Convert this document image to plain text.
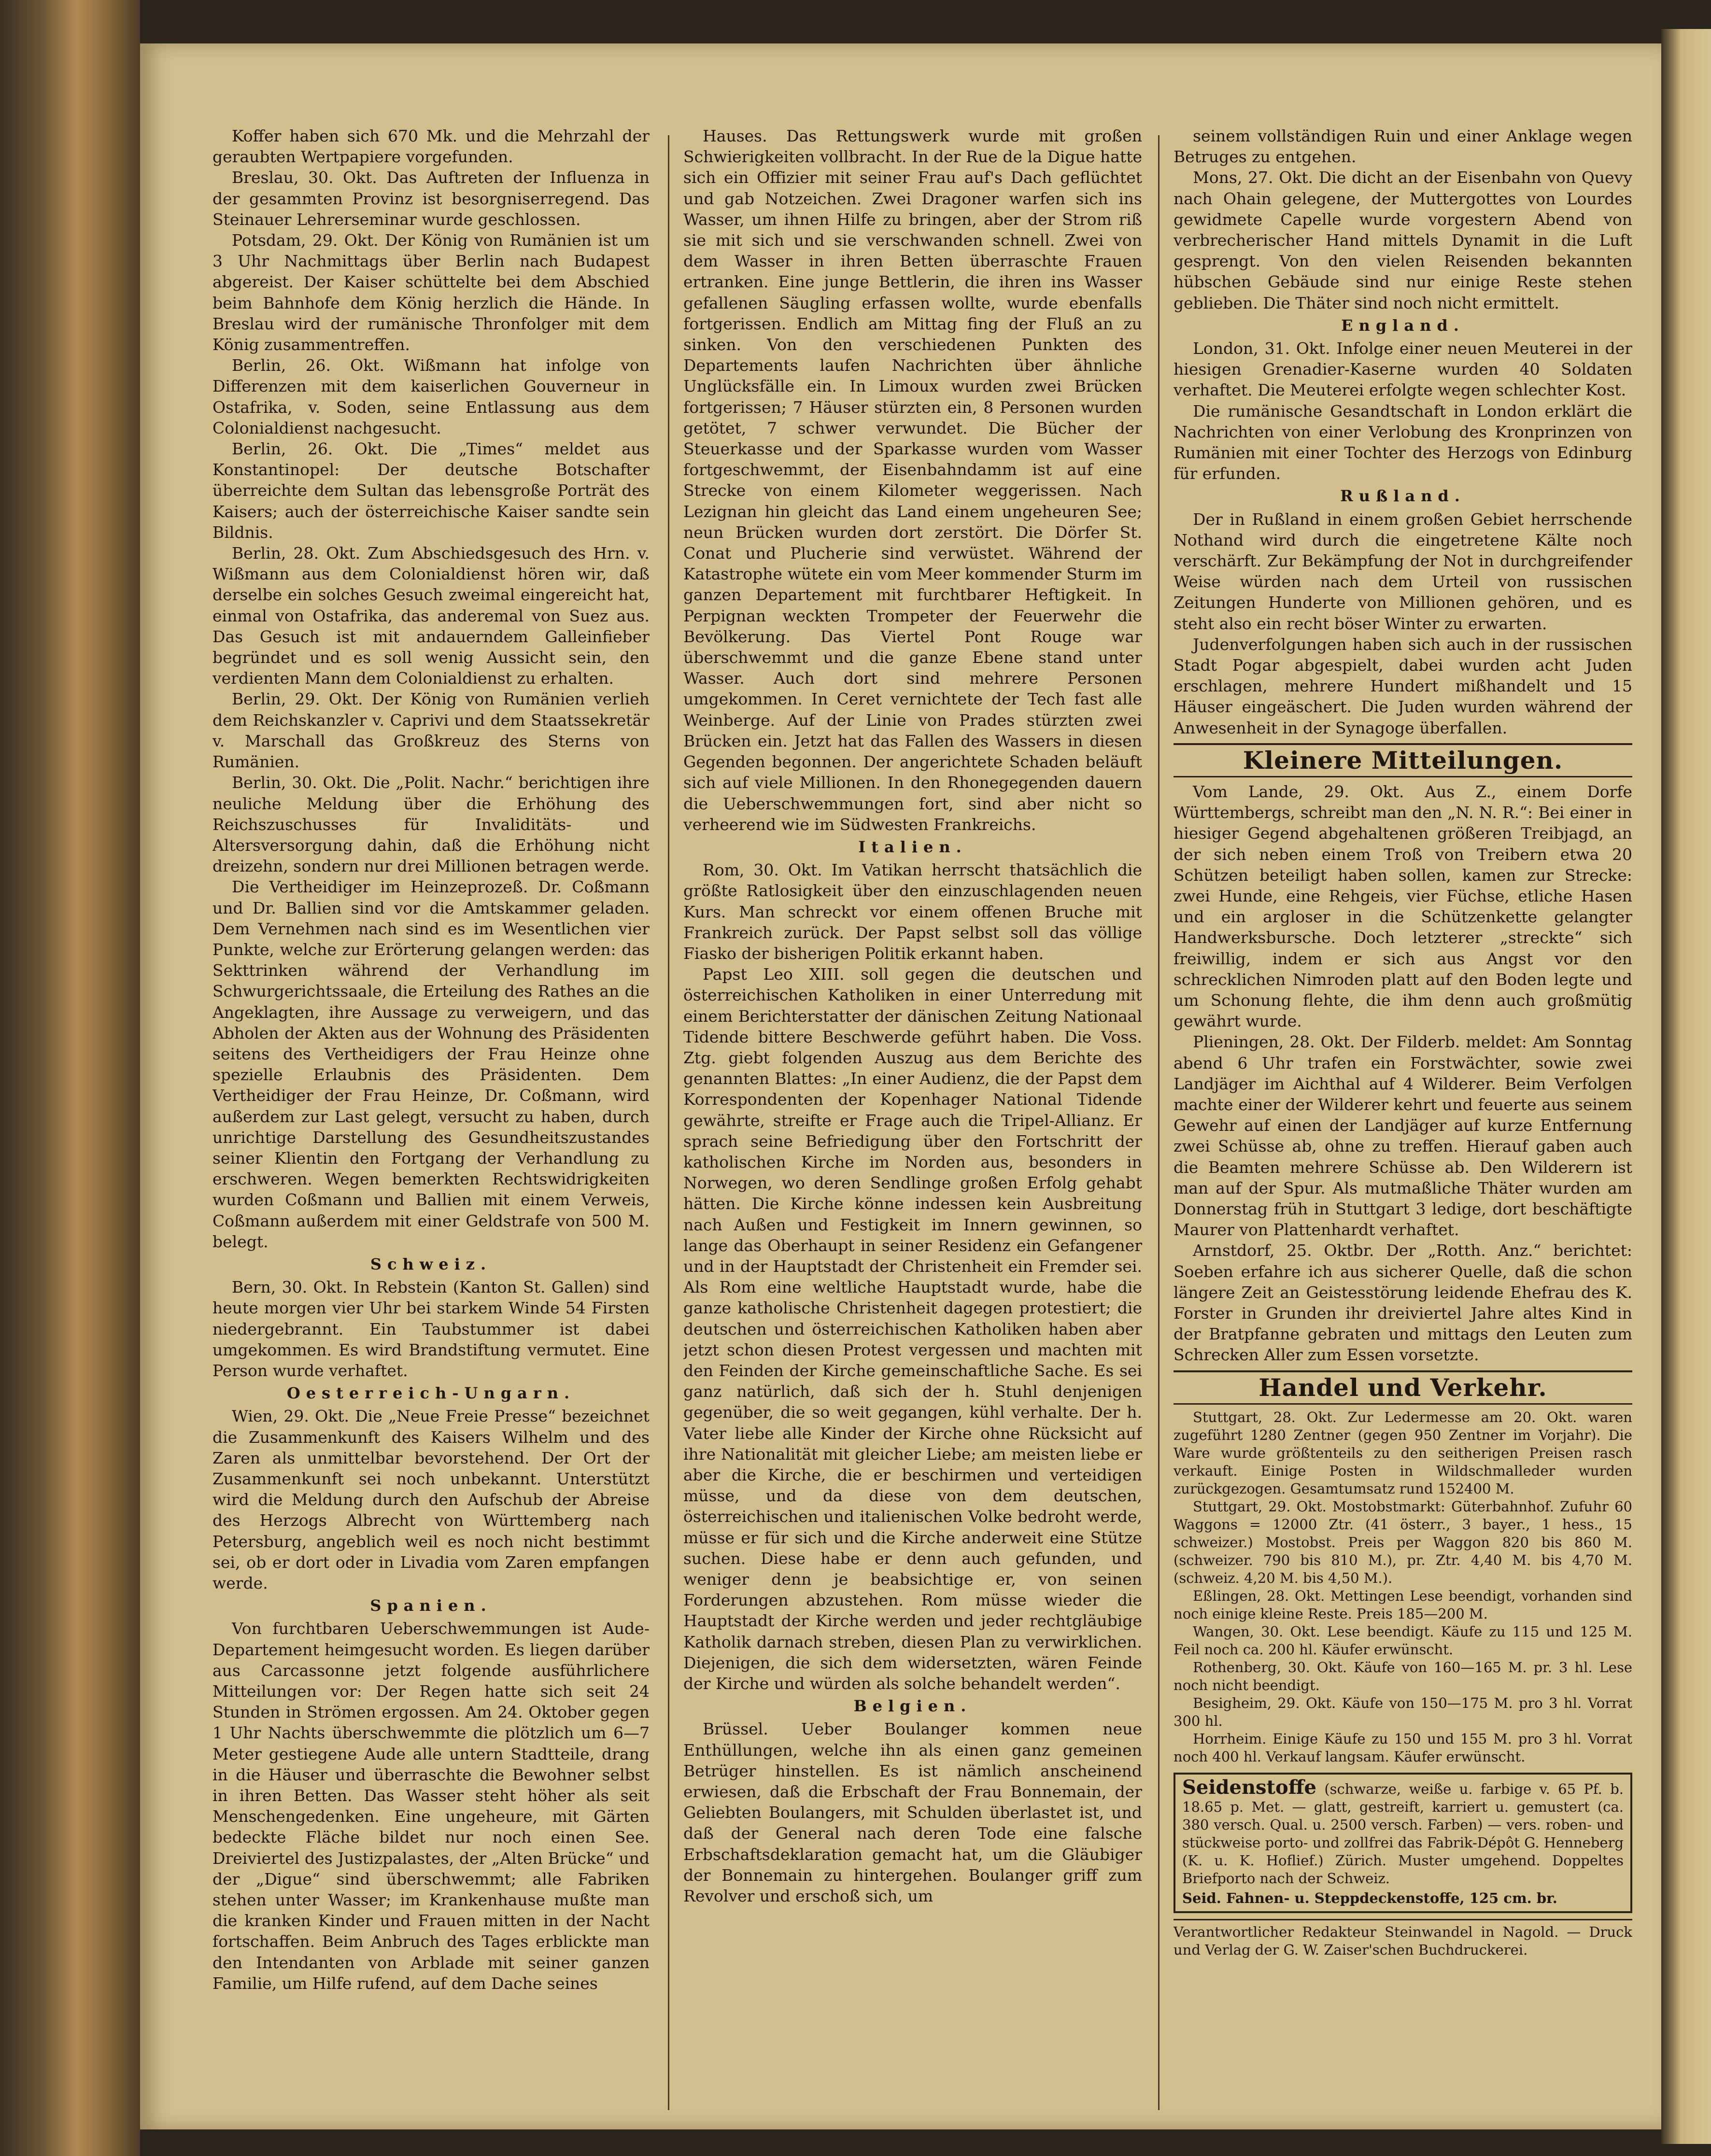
Koffer haben sich 670 Mk. und die Mehrzahl der geraubten Wertpapiere vorgefunden.

Breslau, 30. Okt. Das Auftreten der Influenza in der gesammten Provinz ist besorgniserregend. Das Steinauer Lehrerseminar wurde geschlossen.

Potsdam, 29. Okt. Der König von Rumänien ist um 3 Uhr Nachmittags über Berlin nach Budapest abgereist. Der Kaiser schüttelte bei dem Abschied beim Bahnhofe dem König herzlich die Hände. In Breslau wird der rumänische Thronfolger mit dem König zusammentreffen.

Berlin, 26. Okt. Wißmann hat infolge von Differenzen mit dem kaiserlichen Gouverneur in Ostafrika, v. Soden, seine Entlassung aus dem Colonialdienst nachgesucht.

Berlin, 26. Okt. Die „Times“ meldet aus Konstantinopel: Der deutsche Botschafter überreichte dem Sultan das lebensgroße Porträt des Kaisers; auch der österreichische Kaiser sandte sein Bildnis.

Berlin, 28. Okt. Zum Abschiedsgesuch des Hrn. v. Wißmann aus dem Colonialdienst hören wir, daß derselbe ein solches Gesuch zweimal eingereicht hat, einmal von Ostafrika, das anderemal von Suez aus. Das Gesuch ist mit andauerndem Galleinfieber begründet und es soll wenig Aussicht sein, den verdienten Mann dem Colonialdienst zu erhalten.

Berlin, 29. Okt. Der König von Rumänien verlieh dem Reichskanzler v. Caprivi und dem Staatssekretär v. Marschall das Großkreuz des Sterns von Rumänien.

Berlin, 30. Okt. Die „Polit. Nachr.“ berichtigen ihre neuliche Meldung über die Erhöhung des Reichszuschusses für Invaliditäts- und Altersversorgung dahin, daß die Erhöhung nicht dreizehn, sondern nur drei Millionen betragen werde.

Die Vertheidiger im Heinzeprozeß. Dr. Coßmann und Dr. Ballien sind vor die Amtskammer geladen. Dem Vernehmen nach sind es im Wesentlichen vier Punkte, welche zur Erörterung gelangen werden: das Sekttrinken während der Verhandlung im Schwurgerichtssaale, die Erteilung des Rathes an die Angeklagten, ihre Aussage zu verweigern, und das Abholen der Akten aus der Wohnung des Präsidenten seitens des Vertheidigers der Frau Heinze ohne spezielle Erlaubnis des Präsidenten. Dem Vertheidiger der Frau Heinze, Dr. Coßmann, wird außerdem zur Last gelegt, versucht zu haben, durch unrichtige Darstellung des Gesundheitszustandes seiner Klientin den Fortgang der Verhandlung zu erschweren. Wegen bemerkten Rechtswidrigkeiten wurden Coßmann und Ballien mit einem Verweis, Coßmann außerdem mit einer Geldstrafe von 500 M. belegt.

Schweiz.

Bern, 30. Okt. In Rebstein (Kanton St. Gallen) sind heute morgen vier Uhr bei starkem Winde 54 Firsten niedergebrannt. Ein Taubstummer ist dabei umgekommen. Es wird Brandstiftung vermutet. Eine Person wurde verhaftet.

Oesterreich-Ungarn.

Wien, 29. Okt. Die „Neue Freie Presse“ bezeichnet die Zusammenkunft des Kaisers Wilhelm und des Zaren als unmittelbar bevorstehend. Der Ort der Zusammenkunft sei noch unbekannt. Unterstützt wird die Meldung durch den Aufschub der Abreise des Herzogs Albrecht von Württemberg nach Petersburg, angeblich weil es noch nicht bestimmt sei, ob er dort oder in Livadia vom Zaren empfangen werde.

Spanien.

Von furchtbaren Ueberschwemmungen ist Aude-Departement heimgesucht worden. Es liegen darüber aus Carcassonne jetzt folgende ausführlichere Mitteilungen vor: Der Regen hatte sich seit 24 Stunden in Strömen ergossen. Am 24. Oktober gegen 1 Uhr Nachts überschwemmte die plötzlich um 6—7 Meter gestiegene Aude alle untern Stadtteile, drang in die Häuser und überraschte die Bewohner selbst in ihren Betten. Das Wasser steht höher als seit Menschengedenken. Eine ungeheure, mit Gärten bedeckte Fläche bildet nur noch einen See. Dreiviertel des Justizpalastes, der „Alten Brücke“ und der „Digue“ sind überschwemmt; alle Fabriken stehen unter Wasser; im Krankenhause mußte man die kranken Kinder und Frauen mitten in der Nacht fortschaffen. Beim Anbruch des Tages erblickte man den Intendanten von Arblade mit seiner ganzen Familie, um Hilfe rufend, auf dem Dache seines

Hauses. Das Rettungswerk wurde mit großen Schwierigkeiten vollbracht. In der Rue de la Digue hatte sich ein Offizier mit seiner Frau auf's Dach geflüchtet und gab Notzeichen. Zwei Dragoner warfen sich ins Wasser, um ihnen Hilfe zu bringen, aber der Strom riß sie mit sich und sie verschwanden schnell. Zwei von dem Wasser in ihren Betten überraschte Frauen ertranken. Eine junge Bettlerin, die ihren ins Wasser gefallenen Säugling erfassen wollte, wurde ebenfalls fortgerissen. Endlich am Mittag fing der Fluß an zu sinken. Von den verschiedenen Punkten des Departements laufen Nachrichten über ähnliche Unglücksfälle ein. In Limoux wurden zwei Brücken fortgerissen; 7 Häuser stürzten ein, 8 Personen wurden getötet, 7 schwer verwundet. Die Bücher der Steuerkasse und der Sparkasse wurden vom Wasser fortgeschwemmt, der Eisenbahndamm ist auf eine Strecke von einem Kilometer weggerissen. Nach Lezignan hin gleicht das Land einem ungeheuren See; neun Brücken wurden dort zerstört. Die Dörfer St. Conat und Plucherie sind verwüstet. Während der Katastrophe wütete ein vom Meer kommender Sturm im ganzen Departement mit furchtbarer Heftigkeit. In Perpignan weckten Trompeter der Feuerwehr die Bevölkerung. Das Viertel Pont Rouge war überschwemmt und die ganze Ebene stand unter Wasser. Auch dort sind mehrere Personen umgekommen. In Ceret vernichtete der Tech fast alle Weinberge. Auf der Linie von Prades stürzten zwei Brücken ein. Jetzt hat das Fallen des Wassers in diesen Gegenden begonnen. Der angerichtete Schaden beläuft sich auf viele Millionen. In den Rhonegegenden dauern die Ueberschwemmungen fort, sind aber nicht so verheerend wie im Südwesten Frankreichs.

Italien.

Rom, 30. Okt. Im Vatikan herrscht thatsächlich die größte Ratlosigkeit über den einzuschlagenden neuen Kurs. Man schreckt vor einem offenen Bruche mit Frankreich zurück. Der Papst selbst soll das völlige Fiasko der bisherigen Politik erkannt haben.

Papst Leo XIII. soll gegen die deutschen und österreichischen Katholiken in einer Unterredung mit einem Berichterstatter der dänischen Zeitung Nationaal Tidende bittere Beschwerde geführt haben. Die Voss. Ztg. giebt folgenden Auszug aus dem Berichte des genannten Blattes: „In einer Audienz, die der Papst dem Korrespondenten der Kopenhager National Tidende gewährte, streifte er Frage auch die Tripel-Allianz. Er sprach seine Befriedigung über den Fortschritt der katholischen Kirche im Norden aus, besonders in Norwegen, wo deren Sendlinge großen Erfolg gehabt hätten. Die Kirche könne indessen kein Ausbreitung nach Außen und Festigkeit im Innern gewinnen, so lange das Oberhaupt in seiner Residenz ein Gefangener und in der Hauptstadt der Christenheit ein Fremder sei. Als Rom eine weltliche Hauptstadt wurde, habe die ganze katholische Christenheit dagegen protestiert; die deutschen und österreichischen Katholiken haben aber jetzt schon diesen Protest vergessen und machten mit den Feinden der Kirche gemeinschaftliche Sache. Es sei ganz natürlich, daß sich der h. Stuhl denjenigen gegenüber, die so weit gegangen, kühl verhalte. Der h. Vater liebe alle Kinder der Kirche ohne Rücksicht auf ihre Nationalität mit gleicher Liebe; am meisten liebe er aber die Kirche, die er beschirmen und verteidigen müsse, und da diese von dem deutschen, österreichischen und italienischen Volke bedroht werde, müsse er für sich und die Kirche anderweit eine Stütze suchen. Diese habe er denn auch gefunden, und weniger denn je beabsichtige er, von seinen Forderungen abzustehen. Rom müsse wieder die Hauptstadt der Kirche werden und jeder rechtgläubige Katholik darnach streben, diesen Plan zu verwirklichen. Diejenigen, die sich dem widersetzten, wären Feinde der Kirche und würden als solche behandelt werden“.

Belgien.

Brüssel. Ueber Boulanger kommen neue Enthüllungen, welche ihn als einen ganz gemeinen Betrüger hinstellen. Es ist nämlich anscheinend erwiesen, daß die Erbschaft der Frau Bonnemain, der Geliebten Boulangers, mit Schulden überlastet ist, und daß der General nach deren Tode eine falsche Erbschaftsdeklaration gemacht hat, um die Gläubiger der Bonnemain zu hintergehen. Boulanger griff zum Revolver und erschoß sich, um

seinem vollständigen Ruin und einer Anklage wegen Betruges zu entgehen.

Mons, 27. Okt. Die dicht an der Eisenbahn von Quevy nach Ohain gelegene, der Muttergottes von Lourdes gewidmete Capelle wurde vorgestern Abend von verbrecherischer Hand mittels Dynamit in die Luft gesprengt. Von den vielen Reisenden bekannten hübschen Gebäude sind nur einige Reste stehen geblieben. Die Thäter sind noch nicht ermittelt.

England.

London, 31. Okt. Infolge einer neuen Meuterei in der hiesigen Grenadier-Kaserne wurden 40 Soldaten verhaftet. Die Meuterei erfolgte wegen schlechter Kost.

Die rumänische Gesandtschaft in London erklärt die Nachrichten von einer Verlobung des Kronprinzen von Rumänien mit einer Tochter des Herzogs von Edinburg für erfunden.

Rußland.

Der in Rußland in einem großen Gebiet herrschende Nothand wird durch die eingetretene Kälte noch verschärft. Zur Bekämpfung der Not in durchgreifender Weise würden nach dem Urteil von russischen Zeitungen Hunderte von Millionen gehören, und es steht also ein recht böser Winter zu erwarten.

Judenverfolgungen haben sich auch in der russischen Stadt Pogar abgespielt, dabei wurden acht Juden erschlagen, mehrere Hundert mißhandelt und 15 Häuser eingeäschert. Die Juden wurden während der Anwesenheit in der Synagoge überfallen.

Kleinere Mitteilungen.

Vom Lande, 29. Okt. Aus Z., einem Dorfe Württembergs, schreibt man den „N. N. R.“: Bei einer in hiesiger Gegend abgehaltenen größeren Treibjagd, an der sich neben einem Troß von Treibern etwa 20 Schützen beteiligt haben sollen, kamen zur Strecke: zwei Hunde, eine Rehgeis, vier Füchse, etliche Hasen und ein argloser in die Schützenkette gelangter Handwerksbursche. Doch letzterer „streckte“ sich freiwillig, indem er sich aus Angst vor den schrecklichen Nimroden platt auf den Boden legte und um Schonung flehte, die ihm denn auch großmütig gewährt wurde.

Plieningen, 28. Okt. Der Filderb. meldet: Am Sonntag abend 6 Uhr trafen ein Forstwächter, sowie zwei Landjäger im Aichthal auf 4 Wilderer. Beim Verfolgen machte einer der Wilderer kehrt und feuerte aus seinem Gewehr auf einen der Landjäger auf kurze Entfernung zwei Schüsse ab, ohne zu treffen. Hierauf gaben auch die Beamten mehrere Schüsse ab. Den Wilderern ist man auf der Spur. Als mutmaßliche Thäter wurden am Donnerstag früh in Stuttgart 3 ledige, dort beschäftigte Maurer von Plattenhardt verhaftet.

Arnstdorf, 25. Oktbr. Der „Rotth. Anz.“ berichtet: Soeben erfahre ich aus sicherer Quelle, daß die schon längere Zeit an Geistesstörung leidende Ehefrau des K. Forster in Grunden ihr dreiviertel Jahre altes Kind in der Bratpfanne gebraten und mittags den Leuten zum Schrecken Aller zum Essen vorsetzte.

Handel und Verkehr.

Stuttgart, 28. Okt. Zur Ledermesse am 20. Okt. waren zugeführt 1280 Zentner (gegen 950 Zentner im Vorjahr). Die Ware wurde größtenteils zu den seitherigen Preisen rasch verkauft. Einige Posten in Wildschmalleder wurden zurückgezogen. Gesamtumsatz rund 152400 M.

Stuttgart, 29. Okt. Mostobstmarkt: Güterbahnhof. Zufuhr 60 Waggons = 12000 Ztr. (41 österr., 3 bayer., 1 hess., 15 schweizer.) Mostobst. Preis per Waggon 820 bis 860 M. (schweizer. 790 bis 810 M.), pr. Ztr. 4,40 M. bis 4,70 M. (schweiz. 4,20 M. bis 4,50 M.).

Eßlingen, 28. Okt. Mettingen Lese beendigt, vorhanden sind noch einige kleine Reste. Preis 185—200 M.

Wangen, 30. Okt. Lese beendigt. Käufe zu 115 und 125 M. Feil noch ca. 200 hl. Käufer erwünscht.

Rothenberg, 30. Okt. Käufe von 160—165 M. pr. 3 hl. Lese noch nicht beendigt.

Besigheim, 29. Okt. Käufe von 150—175 M. pro 3 hl. Vorrat 300 hl.

Horrheim. Einige Käufe zu 150 und 155 M. pro 3 hl. Vorrat noch 400 hl. Verkauf langsam. Käufer erwünscht.

Seidenstoffe (schwarze, weiße u. farbige v. 65 Pf. b. 18.65 p. Met. — glatt, gestreift, karriert u. gemustert (ca. 380 versch. Qual. u. 2500 versch. Farben) — vers. roben- und stückweise porto- und zollfrei das Fabrik-Dépôt G. Henneberg (K. u. K. Hoflief.) Zürich. Muster umgehend. Doppeltes Briefporto nach der Schweiz.
Seid. Fahnen- u. Steppdeckenstoffe, 125 cm. br.
Verantwortlicher Redakteur Steinwandel in Nagold. — Druck und Verlag der G. W. Zaiser'schen Buchdruckerei.
